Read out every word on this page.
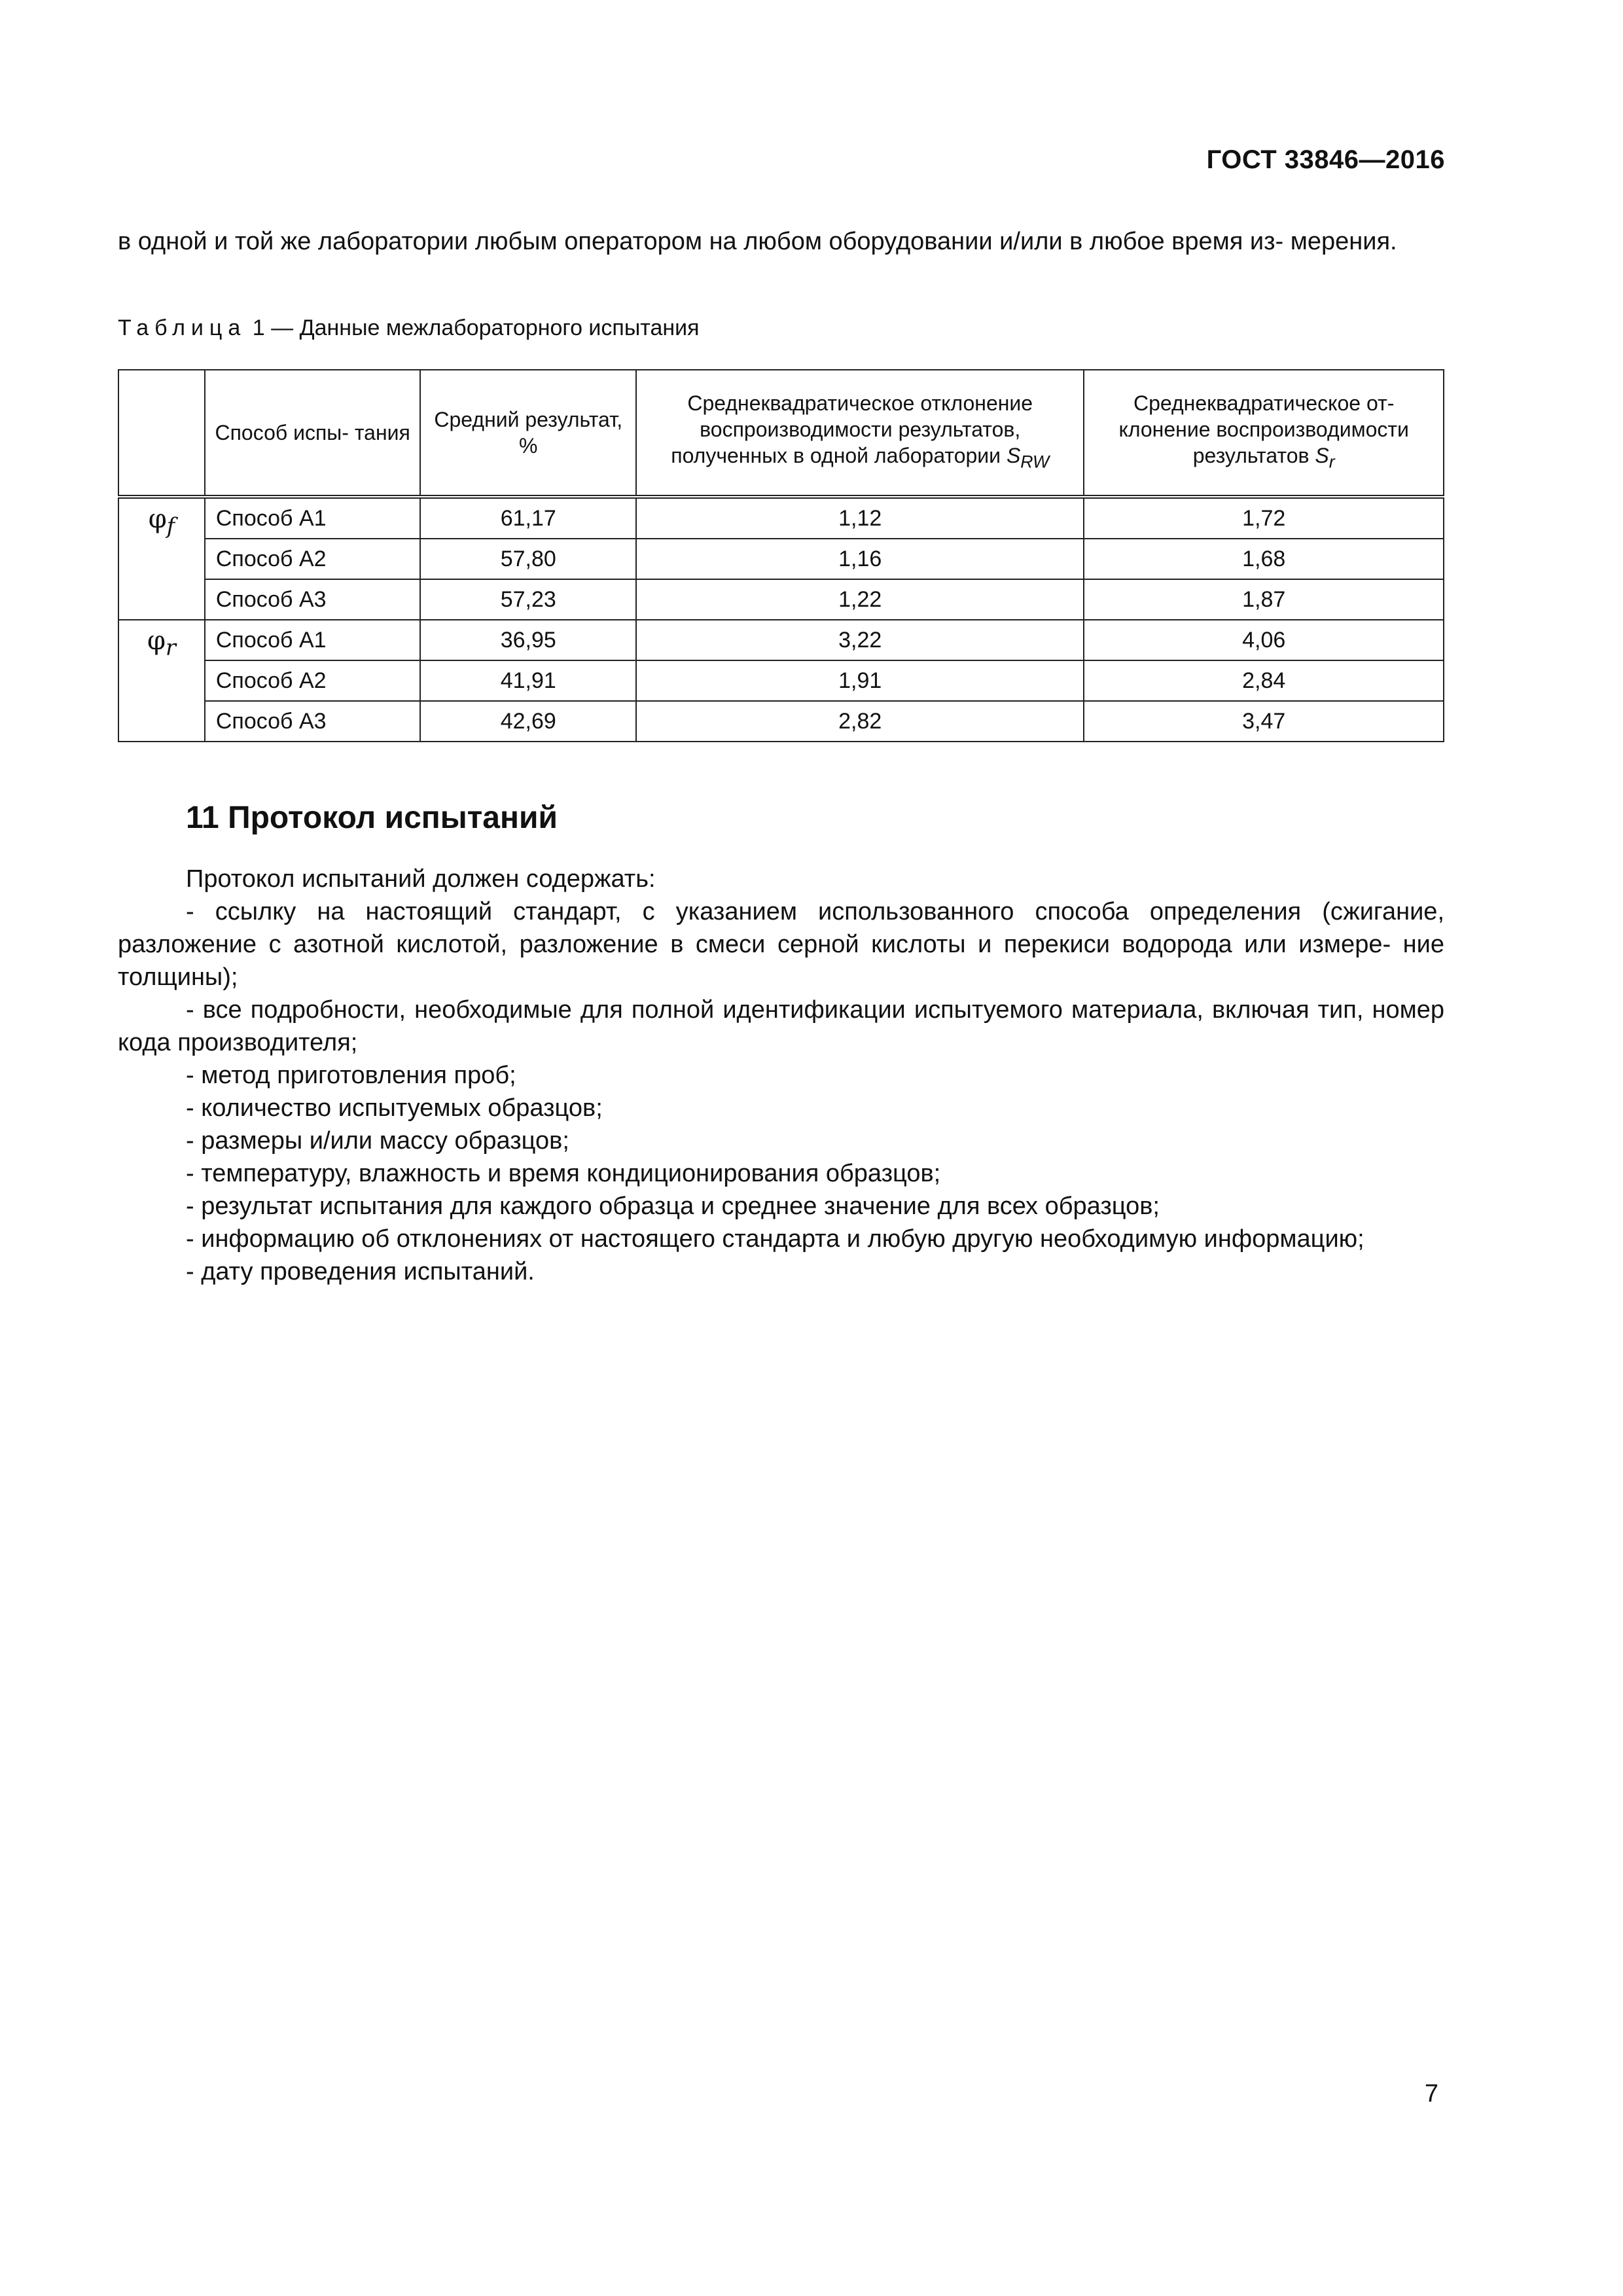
ГОСТ 33846—2016
в одной и той же лаборатории любым оператором на любом оборудовании и/или в любое время из- мерения.
Таблица 1 — Данные межлабораторного испытания
	Способ испы- тания	Средний результат, %	Среднеквадратическое отклонение воспроизводимости результатов, полученных в одной лаборатории $S_{RW}$	Среднеквадратическое от- клонение воспроизводимости результатов $S_r$
$\varphi_f$	Способ А1	61,17	1,12	1,72
	Способ А2	57,80	1,16	1,68
	Способ А3	57,23	1,22	1,87
$\varphi_r$	Способ А1	36,95	3,22	4,06
	Способ А2	41,91	1,91	2,84
	Способ А3	42,69	2,82	3,47
11 Протокол испытаний

Протокол испытаний должен содержать:

- ссылку на настоящий стандарт, с указанием использованного способа определения (сжигание, разложение с азотной кислотой, разложение в смеси серной кислоты и перекиси водорода или измере- ние толщины);

- все подробности, необходимые для полной идентификации испытуемого материала, включая тип, номер кода производителя;

- метод приготовления проб;

- количество испытуемых образцов;

- размеры и/или массу образцов;

- температуру, влажность и время кондиционирования образцов;

- результат испытания для каждого образца и среднее значение для всех образцов;

- информацию об отклонениях от настоящего стандарта и любую другую необходимую информацию;

- дату проведения испытаний.

7
